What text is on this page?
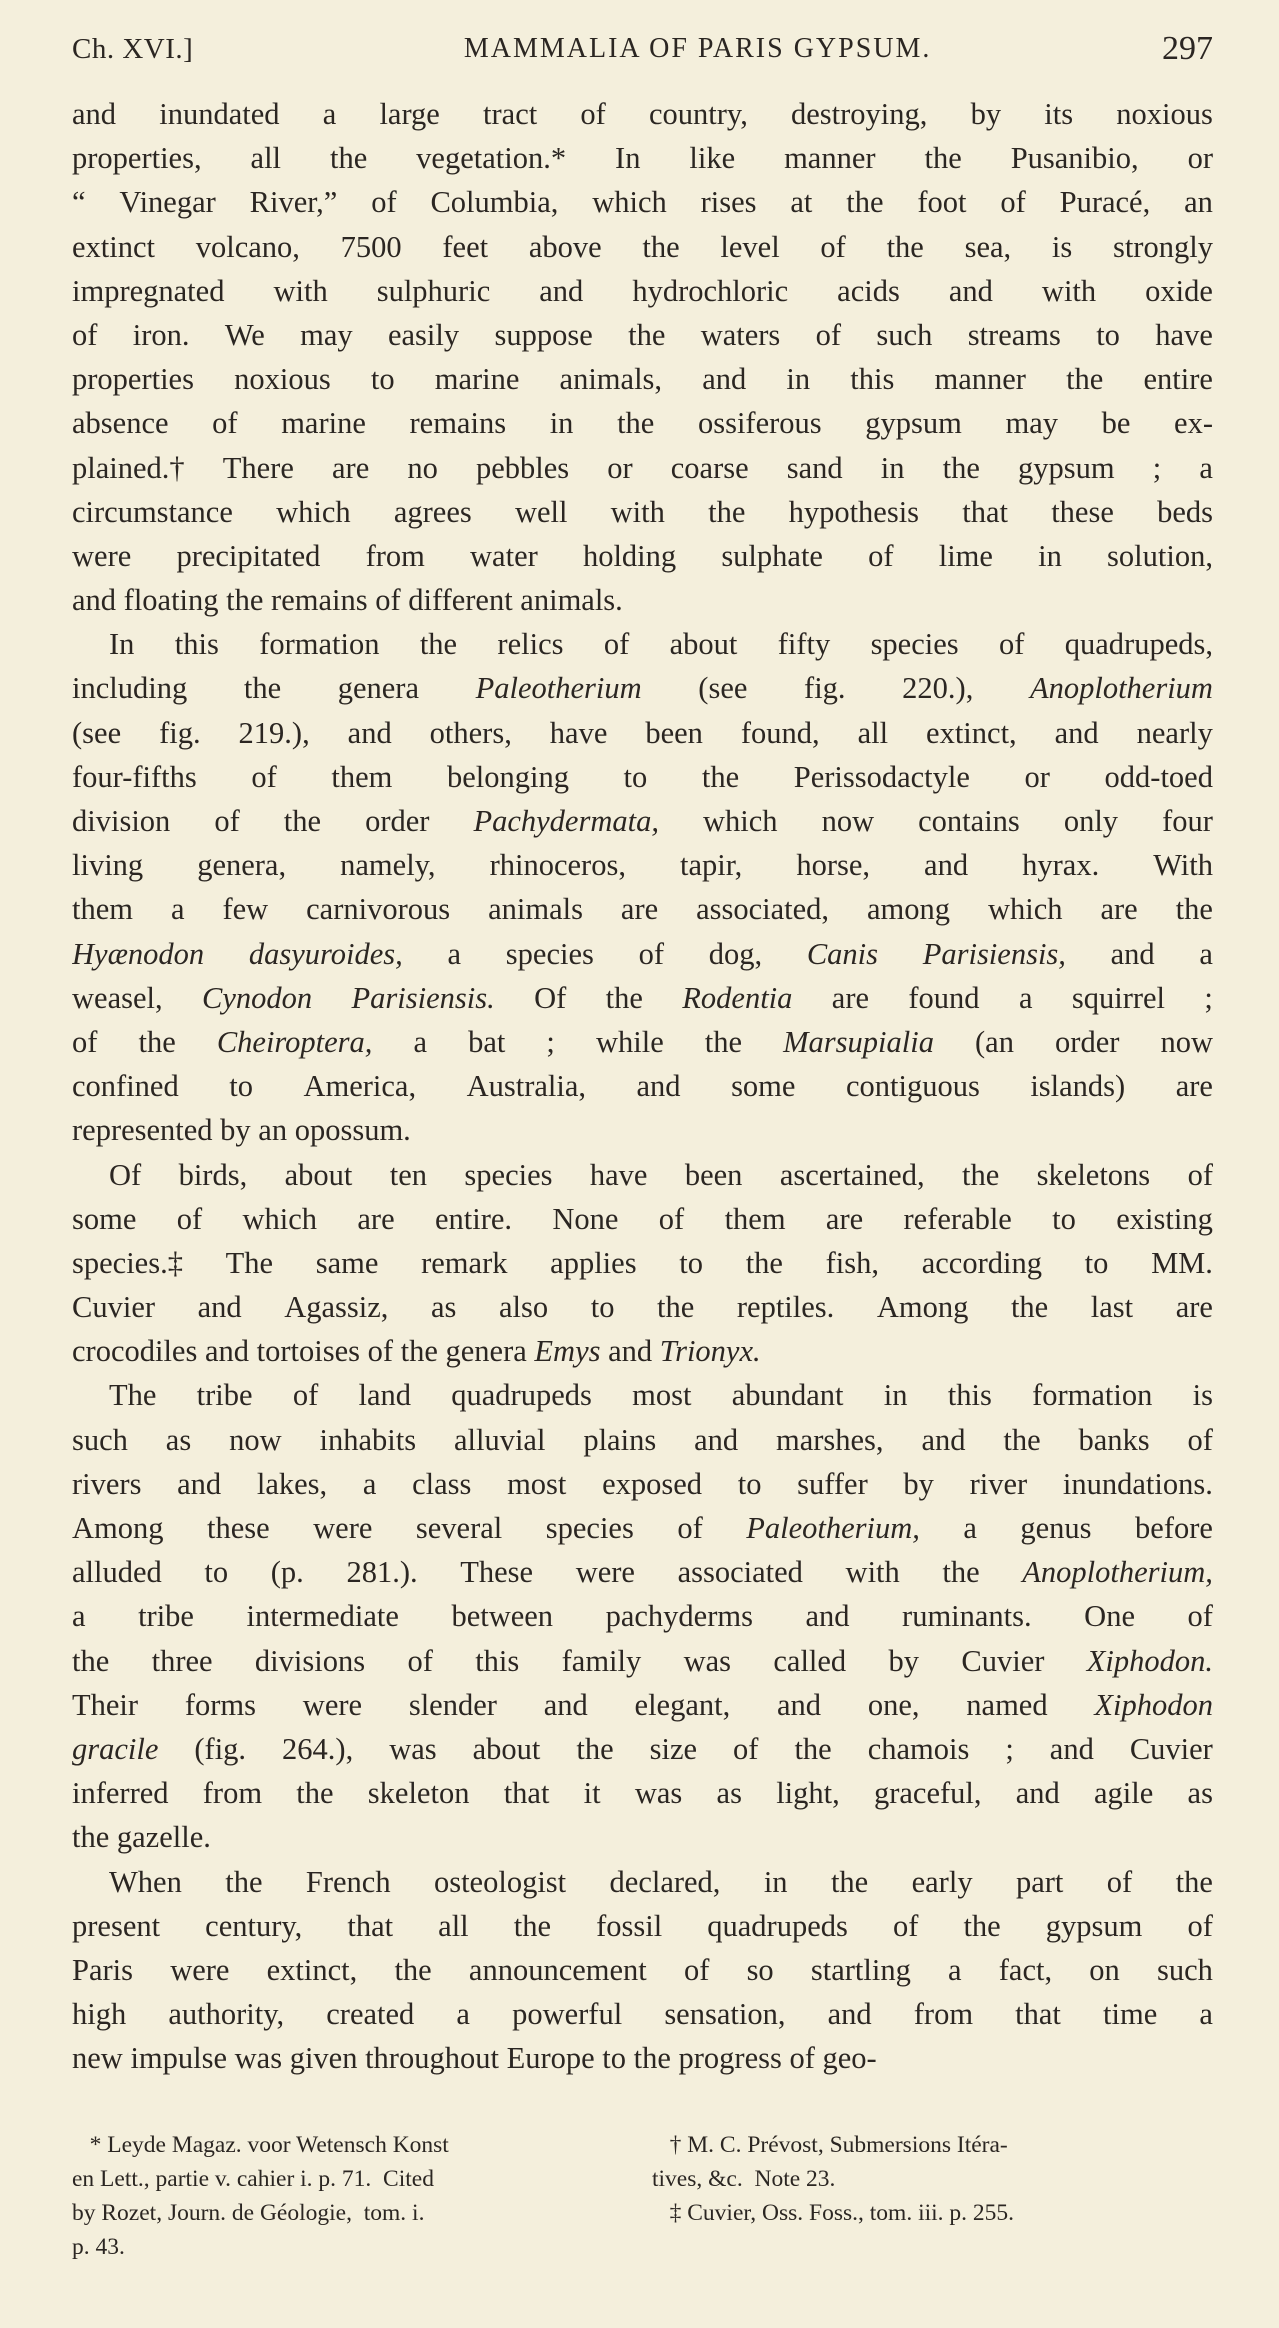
Ch. XVI.]	MAMMALIA OF PARIS GYPSUM.	297
and inundated a large tract of country, destroying, by its noxious
properties, all the vegetation.* In like manner the Pusanibio, or
“ Vinegar River,” of Columbia, which rises at the foot of Puracé, an
extinct volcano, 7500 feet above the level of the sea, is strongly
impregnated with sulphuric and hydrochloric acids and with oxide
of iron. We may easily suppose the waters of such streams to have
properties noxious to marine animals, and in this manner the entire
absence of marine remains in the ossiferous gypsum may be ex-
plained.† There are no pebbles or coarse sand in the gypsum ; a
circumstance which agrees well with the hypothesis that these beds
were precipitated from water holding sulphate of lime in solution,
and floating the remains of different animals.
In this formation the relics of about fifty species of quadrupeds,
including the genera Paleotherium (see fig. 220.), Anoplotherium
(see fig. 219.), and others, have been found, all extinct, and nearly
four-fifths of them belonging to the Perissodactyle or odd-toed
division of the order Pachydermata, which now contains only four
living genera, namely, rhinoceros, tapir, horse, and hyrax. With
them a few carnivorous animals are associated, among which are the
Hyænodon dasyuroides, a species of dog, Canis Parisiensis, and a
weasel, Cynodon Parisiensis. Of the Rodentia are found a squirrel ;
of the Cheiroptera, a bat ; while the Marsupialia (an order now
confined to America, Australia, and some contiguous islands) are
represented by an opossum.
Of birds, about ten species have been ascertained, the skeletons of
some of which are entire. None of them are referable to existing
species.‡ The same remark applies to the fish, according to MM.
Cuvier and Agassiz, as also to the reptiles. Among the last are
crocodiles and tortoises of the genera Emys and Trionyx.
The tribe of land quadrupeds most abundant in this formation is
such as now inhabits alluvial plains and marshes, and the banks of
rivers and lakes, a class most exposed to suffer by river inundations.
Among these were several species of Paleotherium, a genus before
alluded to (p. 281.). These were associated with the Anoplotherium,
a tribe intermediate between pachyderms and ruminants. One of
the three divisions of this family was called by Cuvier Xiphodon.
Their forms were slender and elegant, and one, named Xiphodon
gracile (fig. 264.), was about the size of the chamois ; and Cuvier
inferred from the skeleton that it was as light, graceful, and agile as
the gazelle.
When the French osteologist declared, in the early part of the
present century, that all the fossil quadrupeds of the gypsum of
Paris were extinct, the announcement of so startling a fact, on such
high authority, created a powerful sensation, and from that time a
new impulse was given throughout Europe to the progress of geo-
* Leyde Magaz. voor Wetensch Konst
en Lett., partie v. cahier i. p. 71.  Cited
by Rozet, Journ. de Géologie,  tom. i.
p. 43.
† M. C. Prévost, Submersions Itéra-
tives, &c.  Note 23.
‡ Cuvier, Oss. Foss., tom. iii. p. 255.
